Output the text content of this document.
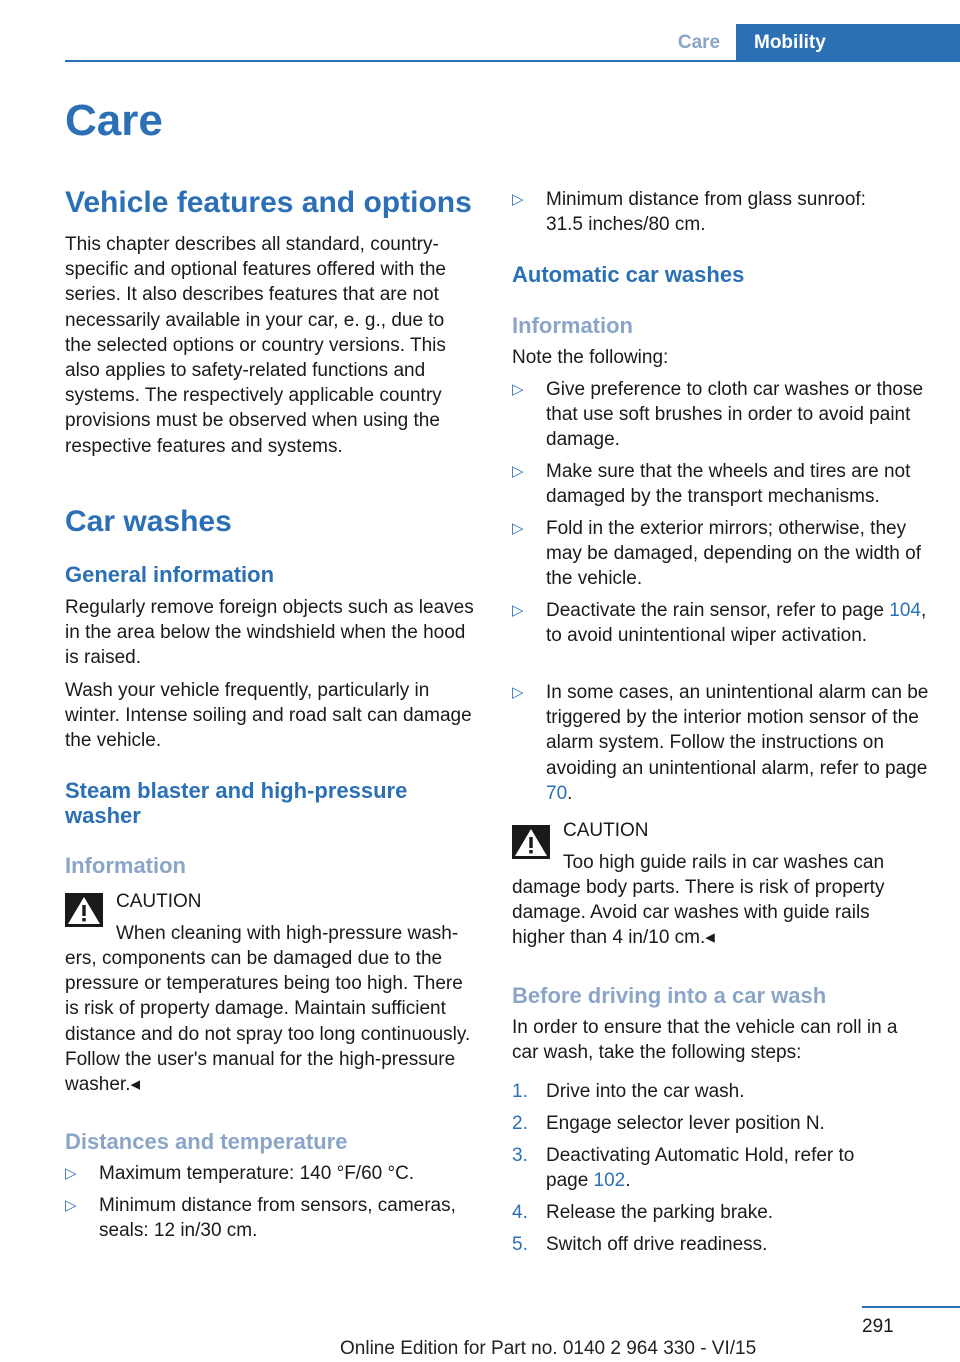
Care	Mobility
Care
Vehicle features and options

This chapter describes all standard, country-specific and optional features offered with the series. It also describes features that are not necessarily available in your car, e. g., due to the selected options or country versions. This also applies to safety-related functions and systems. The respectively applicable country provisions must be observed when using the respective features and systems.

Car washes
General information

Regularly remove foreign objects such as leaves in the area below the windshield when the hood is raised.

Wash your vehicle frequently, particularly in winter. Intense soiling and road salt can damage the vehicle.

Steam blaster and high-pressure washer
Information
CAUTION
When cleaning with high-pressure wash-

ers, components can be damaged due to the pressure or temperatures being too high. There is risk of property damage. Maintain sufficient distance and do not spray too long continuously. Follow the user's manual for the high-pressure washer.◂

Distances and temperature
▷ Maximum temperature: 140 °F/60 °C.
▷ Minimum distance from sensors, cameras, seals: 12 in/30 cm.
▷ Minimum distance from glass sunroof: 31.5 inches/80 cm.
Automatic car washes
Information
Note the following:
▷ Give preference to cloth car washes or those that use soft brushes in order to avoid paint damage.
▷ Make sure that the wheels and tires are not damaged by the transport mechanisms.
▷ Fold in the exterior mirrors; otherwise, they may be damaged, depending on the width of the vehicle.
▷ Deactivate the rain sensor, refer to page 104, to avoid unintentional wiper activation.
▷ In some cases, an unintentional alarm can be triggered by the interior motion sensor of the alarm system. Follow the instructions on avoiding an unintentional alarm, refer to page 70.
CAUTION
Too high guide rails in car washes can

damage body parts. There is risk of property damage. Avoid car washes with guide rails higher than 4 in/10 cm.◂

Before driving into a car wash

In order to ensure that the vehicle can roll in a car wash, take the following steps:

1. Drive into the car wash.
2. Engage selector lever position N.
3. Deactivating Automatic Hold, refer to page 102.
4. Release the parking brake.
5. Switch off drive readiness.
291
Online Edition for Part no. 0140 2 964 330 - VI/15
